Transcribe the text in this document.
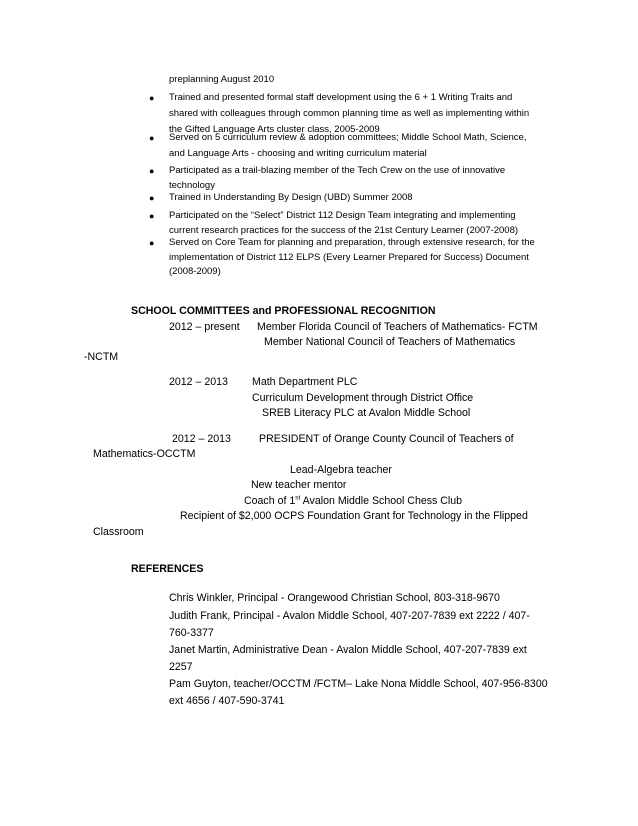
preplanning August 2010
● Trained and presented formal staff development using the 6 + 1 Writing Traits and
shared with colleagues through common planning time as well as implementing within
the Gifted Language Arts cluster class, 2005-2009
● Served on 5 curriculum review & adoption committees; Middle School Math, Science,
and Language Arts - choosing and writing curriculum material
● Participated as a trail-blazing member of the Tech Crew on the use of innovative
technology
● Trained in Understanding By Design (UBD) Summer 2008
● Participated on the “Select” District 112 Design Team integrating and implementing
current research practices for the success of the 21st Century Learner (2007-2008)
● Served on Core Team for planning and preparation, through extensive research, for the
implementation of District 112 ELPS (Every Learner Prepared for Success) Document
(2008-2009)
SCHOOL COMMITTEES and PROFESSIONAL RECOGNITION
2012 – present Member Florida Council of Teachers of Mathematics- FCTM
Member National Council of Teachers of Mathematics
-NCTM
2012 – 2013 Math Department PLC
Curriculum Development through District Office
SREB Literacy PLC at Avalon Middle School
2012 – 2013	PRESIDENT of Orange County Council of Teachers of
Mathematics-OCCTM
Lead-Algebra teacher
New teacher mentor
Coach of 1st Avalon Middle School Chess Club
Recipient of $2,000 OCPS Foundation Grant for Technology in the Flipped
Classroom
REFERENCES
Chris Winkler, Principal - Orangewood Christian School, 803-318-9670
Judith Frank, Principal - Avalon Middle School, 407-207-7839 ext 2222 / 407-
760-3377
Janet Martin, Administrative Dean - Avalon Middle School, 407-207-7839 ext
2257
Pam Guyton, teacher/OCCTM /FCTM– Lake Nona Middle School, 407-956-8300
ext 4656 / 407-590-3741
